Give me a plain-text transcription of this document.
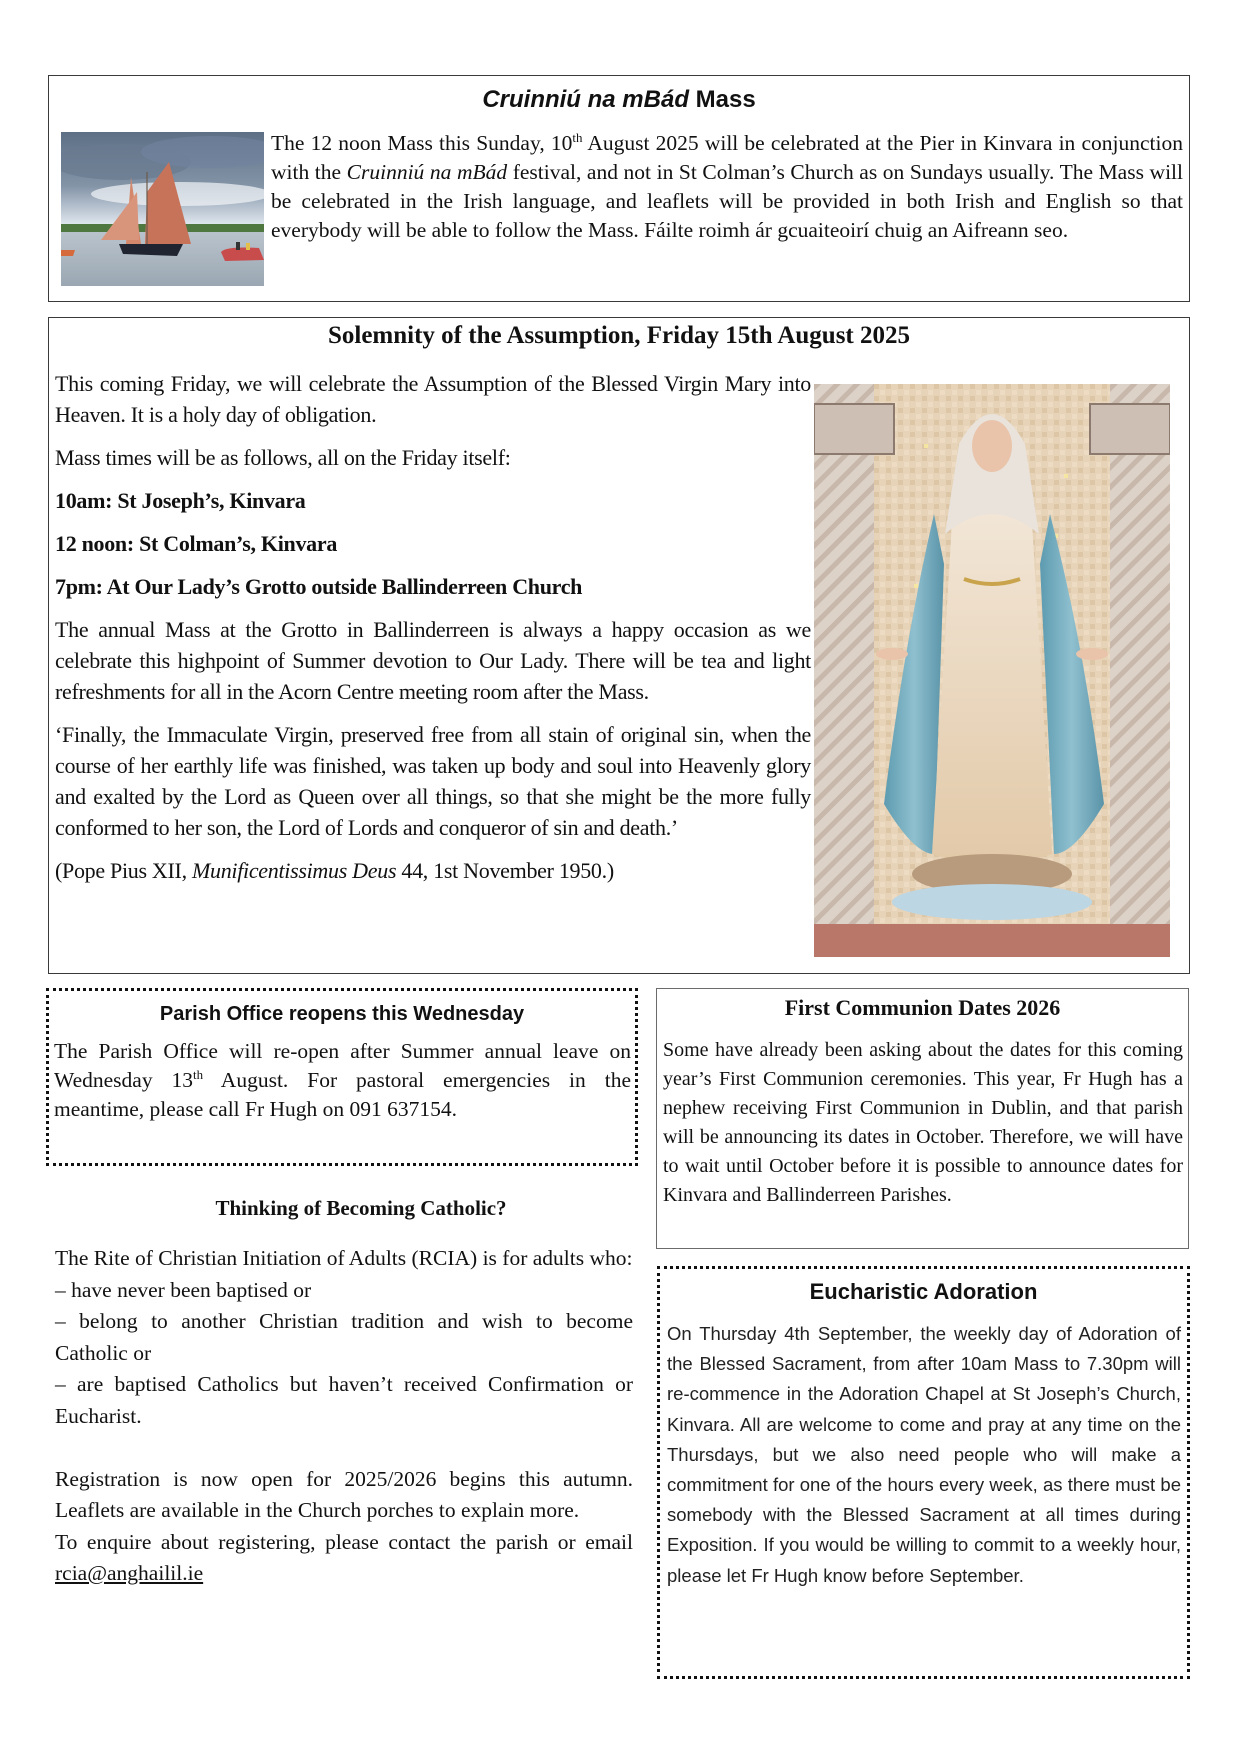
Cruinniú na mBád Mass

The 12 noon Mass this Sunday, 10th August 2025 will be celebrated at the Pier in Kinvara in conjunction with the Cruinniú na mBád festival, and not in St Colman’s Church as on Sundays usually. The Mass will be celebrated in the Irish language, and leaflets will be provided in both Irish and English so that everybody will be able to follow the Mass. Fáilte roimh ár gcuaiteoirí chuig an Aifreann seo.

Solemnity of the Assumption, Friday 15th August 2025

This coming Friday, we will celebrate the Assumption of the Blessed Virgin Mary into Heaven. It is a holy day of obligation.

Mass times will be as follows, all on the Friday itself:

10am: St Joseph’s, Kinvara

12 noon: St Colman’s, Kinvara

7pm: At Our Lady’s Grotto outside Ballinderreen Church

The annual Mass at the Grotto in Ballinderreen is always a happy occasion as we celebrate this highpoint of Summer devotion to Our Lady. There will be tea and light refreshments for all in the Acorn Centre meeting room after the Mass.

‘Finally, the Immaculate Virgin, preserved free from all stain of original sin, when the course of her earthly life was finished, was taken up body and soul into Heavenly glory and exalted by the Lord as Queen over all things, so that she might be the more fully conformed to her son, the Lord of Lords and conqueror of sin and death.’

(Pope Pius XII, Munificentissimus Deus 44, 1st November 1950.)

Parish Office reopens this Wednesday

The Parish Office will re-open after Summer annual leave on Wednesday 13th August. For pastoral emergencies in the meantime, please call Fr Hugh on 091 637154.

First Communion Dates 2026

Some have already been asking about the dates for this coming year’s First Communion ceremonies. This year, Fr Hugh has a nephew receiving First Communion in Dublin, and that parish will be announcing its dates in October. Therefore, we will have to wait until October before it is possible to announce dates for Kinvara and Ballinderreen Parishes.

Thinking of Becoming Catholic?

The Rite of Christian Initiation of Adults (RCIA) is for adults who:

– have never been baptised or

– belong to another Christian tradition and wish to become Catholic or

– are baptised Catholics but haven’t received Confirmation or Eucharist.

Registration is now open for 2025/2026 begins this autumn. Leaflets are available in the Church porches to explain more.

To enquire about registering, please contact the parish or email rcia@anghailil.ie

Eucharistic Adoration

On Thursday 4th September, the weekly day of Adoration of the Blessed Sacrament, from after 10am Mass to 7.30pm will re-commence in the Adoration Chapel at St Joseph’s Church, Kinvara. All are welcome to come and pray at any time on the Thursdays, but we also need people who will make a commitment for one of the hours every week, as there must be somebody with the Blessed Sacrament at all times during Exposition. If you would be willing to commit to a weekly hour, please let Fr Hugh know before September.
